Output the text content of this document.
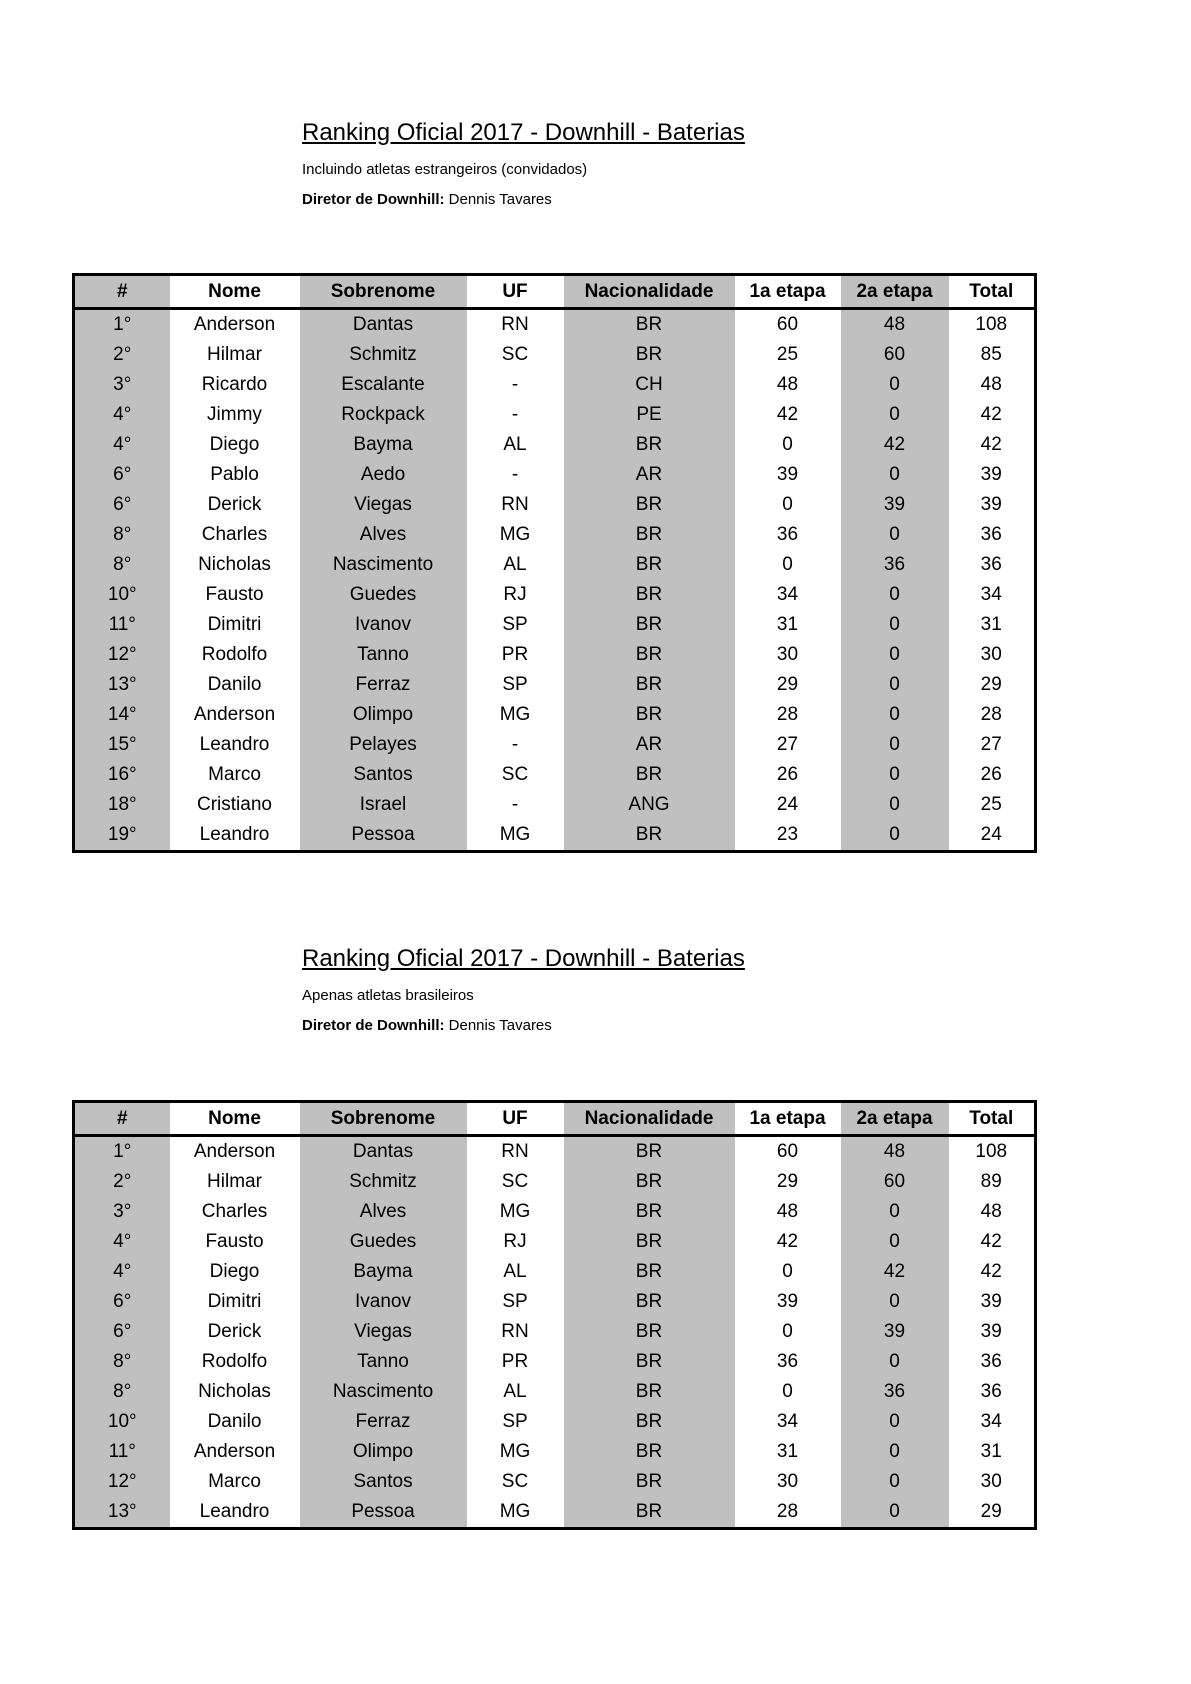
Ranking Oficial 2017 - Downhill - Baterias
Incluindo atletas estrangeiros (convidados)
Diretor de Downhill: Dennis Tavares
#	Nome	Sobrenome	UF	Nacionalidade	1a etapa	2a etapa	Total
1°	Anderson	Dantas	RN	BR	60	48	108
2°	Hilmar	Schmitz	SC	BR	25	60	85
3°	Ricardo	Escalante	-	CH	48	0	48
4°	Jimmy	Rockpack	-	PE	42	0	42
4°	Diego	Bayma	AL	BR	0	42	42
6°	Pablo	Aedo	-	AR	39	0	39
6°	Derick	Viegas	RN	BR	0	39	39
8°	Charles	Alves	MG	BR	36	0	36
8°	Nicholas	Nascimento	AL	BR	0	36	36
10°	Fausto	Guedes	RJ	BR	34	0	34
11°	Dimitri	Ivanov	SP	BR	31	0	31
12°	Rodolfo	Tanno	PR	BR	30	0	30
13°	Danilo	Ferraz	SP	BR	29	0	29
14°	Anderson	Olimpo	MG	BR	28	0	28
15°	Leandro	Pelayes	-	AR	27	0	27
16°	Marco	Santos	SC	BR	26	0	26
18°	Cristiano	Israel	-	ANG	24	0	25
19°	Leandro	Pessoa	MG	BR	23	0	24
Ranking Oficial 2017 - Downhill - Baterias
Apenas atletas brasileiros
Diretor de Downhill: Dennis Tavares
#	Nome	Sobrenome	UF	Nacionalidade	1a etapa	2a etapa	Total
1°	Anderson	Dantas	RN	BR	60	48	108
2°	Hilmar	Schmitz	SC	BR	29	60	89
3°	Charles	Alves	MG	BR	48	0	48
4°	Fausto	Guedes	RJ	BR	42	0	42
4°	Diego	Bayma	AL	BR	0	42	42
6°	Dimitri	Ivanov	SP	BR	39	0	39
6°	Derick	Viegas	RN	BR	0	39	39
8°	Rodolfo	Tanno	PR	BR	36	0	36
8°	Nicholas	Nascimento	AL	BR	0	36	36
10°	Danilo	Ferraz	SP	BR	34	0	34
11°	Anderson	Olimpo	MG	BR	31	0	31
12°	Marco	Santos	SC	BR	30	0	30
13°	Leandro	Pessoa	MG	BR	28	0	29
